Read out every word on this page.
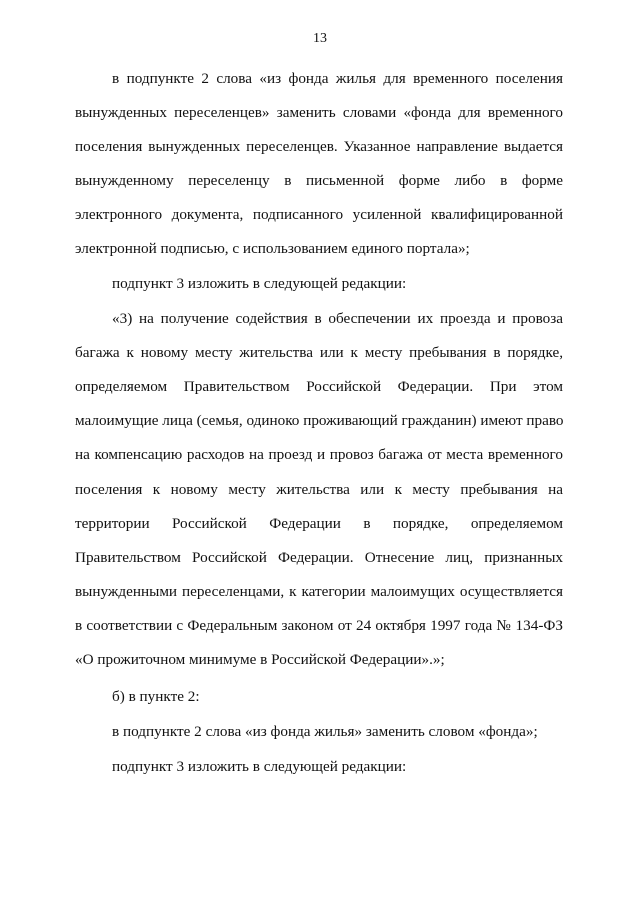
13
в подпункте 2 слова «из фонда жилья для временного поселения
вынужденных переселенцев» заменить словами «фонда для временного
поселения вынужденных переселенцев. Указанное направление выдается
вынужденному переселенцу в письменной форме либо в форме
электронного документа, подписанного усиленной квалифицированной
электронной подписью, с использованием единого портала»;
подпункт 3 изложить в следующей редакции:
«3) на получение содействия в обеспечении их проезда и провоза
багажа к новому месту жительства или к месту пребывания в порядке,
определяемом Правительством Российской Федерации. При этом
малоимущие лица (семья, одиноко проживающий гражданин) имеют право
на компенсацию расходов на проезд и провоз багажа от места временного
поселения к новому месту жительства или к месту пребывания на
территории Российской Федерации в порядке, определяемом
Правительством Российской Федерации. Отнесение лиц, признанных
вынужденными переселенцами, к категории малоимущих осуществляется
в соответствии с Федеральным законом от 24 октября 1997 года № 134-ФЗ
«О прожиточном минимуме в Российской Федерации».»;
б) в пункте 2:
в подпункте 2 слова «из фонда жилья» заменить словом «фонда»;
подпункт 3 изложить в следующей редакции:
